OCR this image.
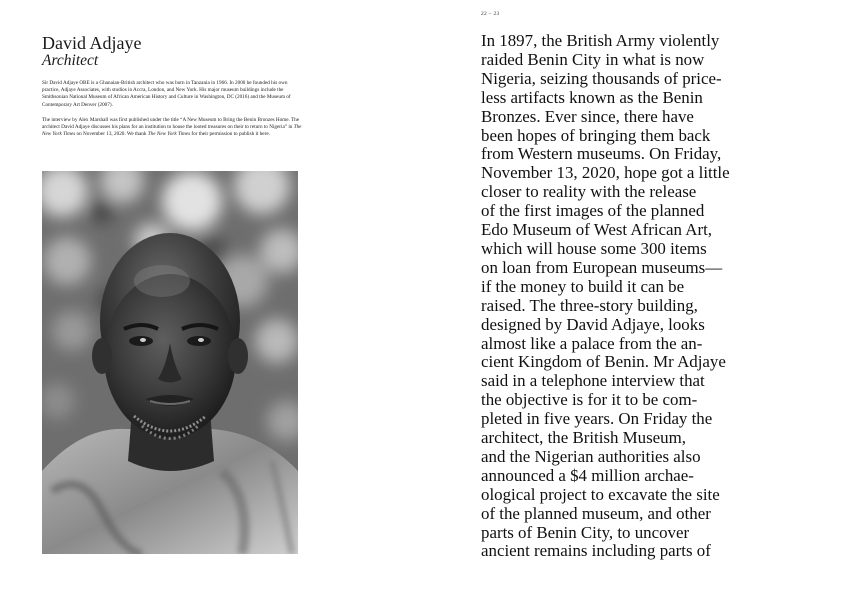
David Adjaye
Architect

Sir David Adjaye OBE is a Ghanaian-British architect who was born in Tanzania in 1966. In 2000 he founded his own practice, Adjaye Associates, with studios in Accra, London, and New York. His major museum buildings include the Smithsonian National Museum of African American History and Culture in Washington, DC (2016) and the Museum of Contemporary Art Denver (2007).

The interview by Alex Marshall was first published under the title “A New Museum to Bring the Benin Bronzes Home. The architect David Adjaye discusses his plans for an institution to house the looted treasures on their to return to Nigeria” in The New York Times on November 13, 2020. We thank The New York Times for their permission to publish it here.

22 – 23
In 1897, the British Army violently
raided Benin City in what is now
Nigeria, seizing thousands of price-
less artifacts known as the Benin
Bronzes. Ever since, there have
been hopes of bringing them back
from Western museums. On Friday,
November 13, 2020, hope got a little
closer to reality with the release
of the first images of the planned
Edo Museum of West African Art,
which will house some 300 items
on loan from European museums—
if the money to build it can be
raised. The three-story building,
designed by David Adjaye, looks
almost like a palace from the an-
cient Kingdom of Benin. Mr Adjaye
said in a telephone interview that
the objective is for it to be com-
pleted in five years. On Friday the
architect, the British Museum,
and the Nigerian authorities also
announced a $4 million archae-
ological project to excavate the site
of the planned museum, and other
parts of Benin City, to uncover
ancient remains including parts of
